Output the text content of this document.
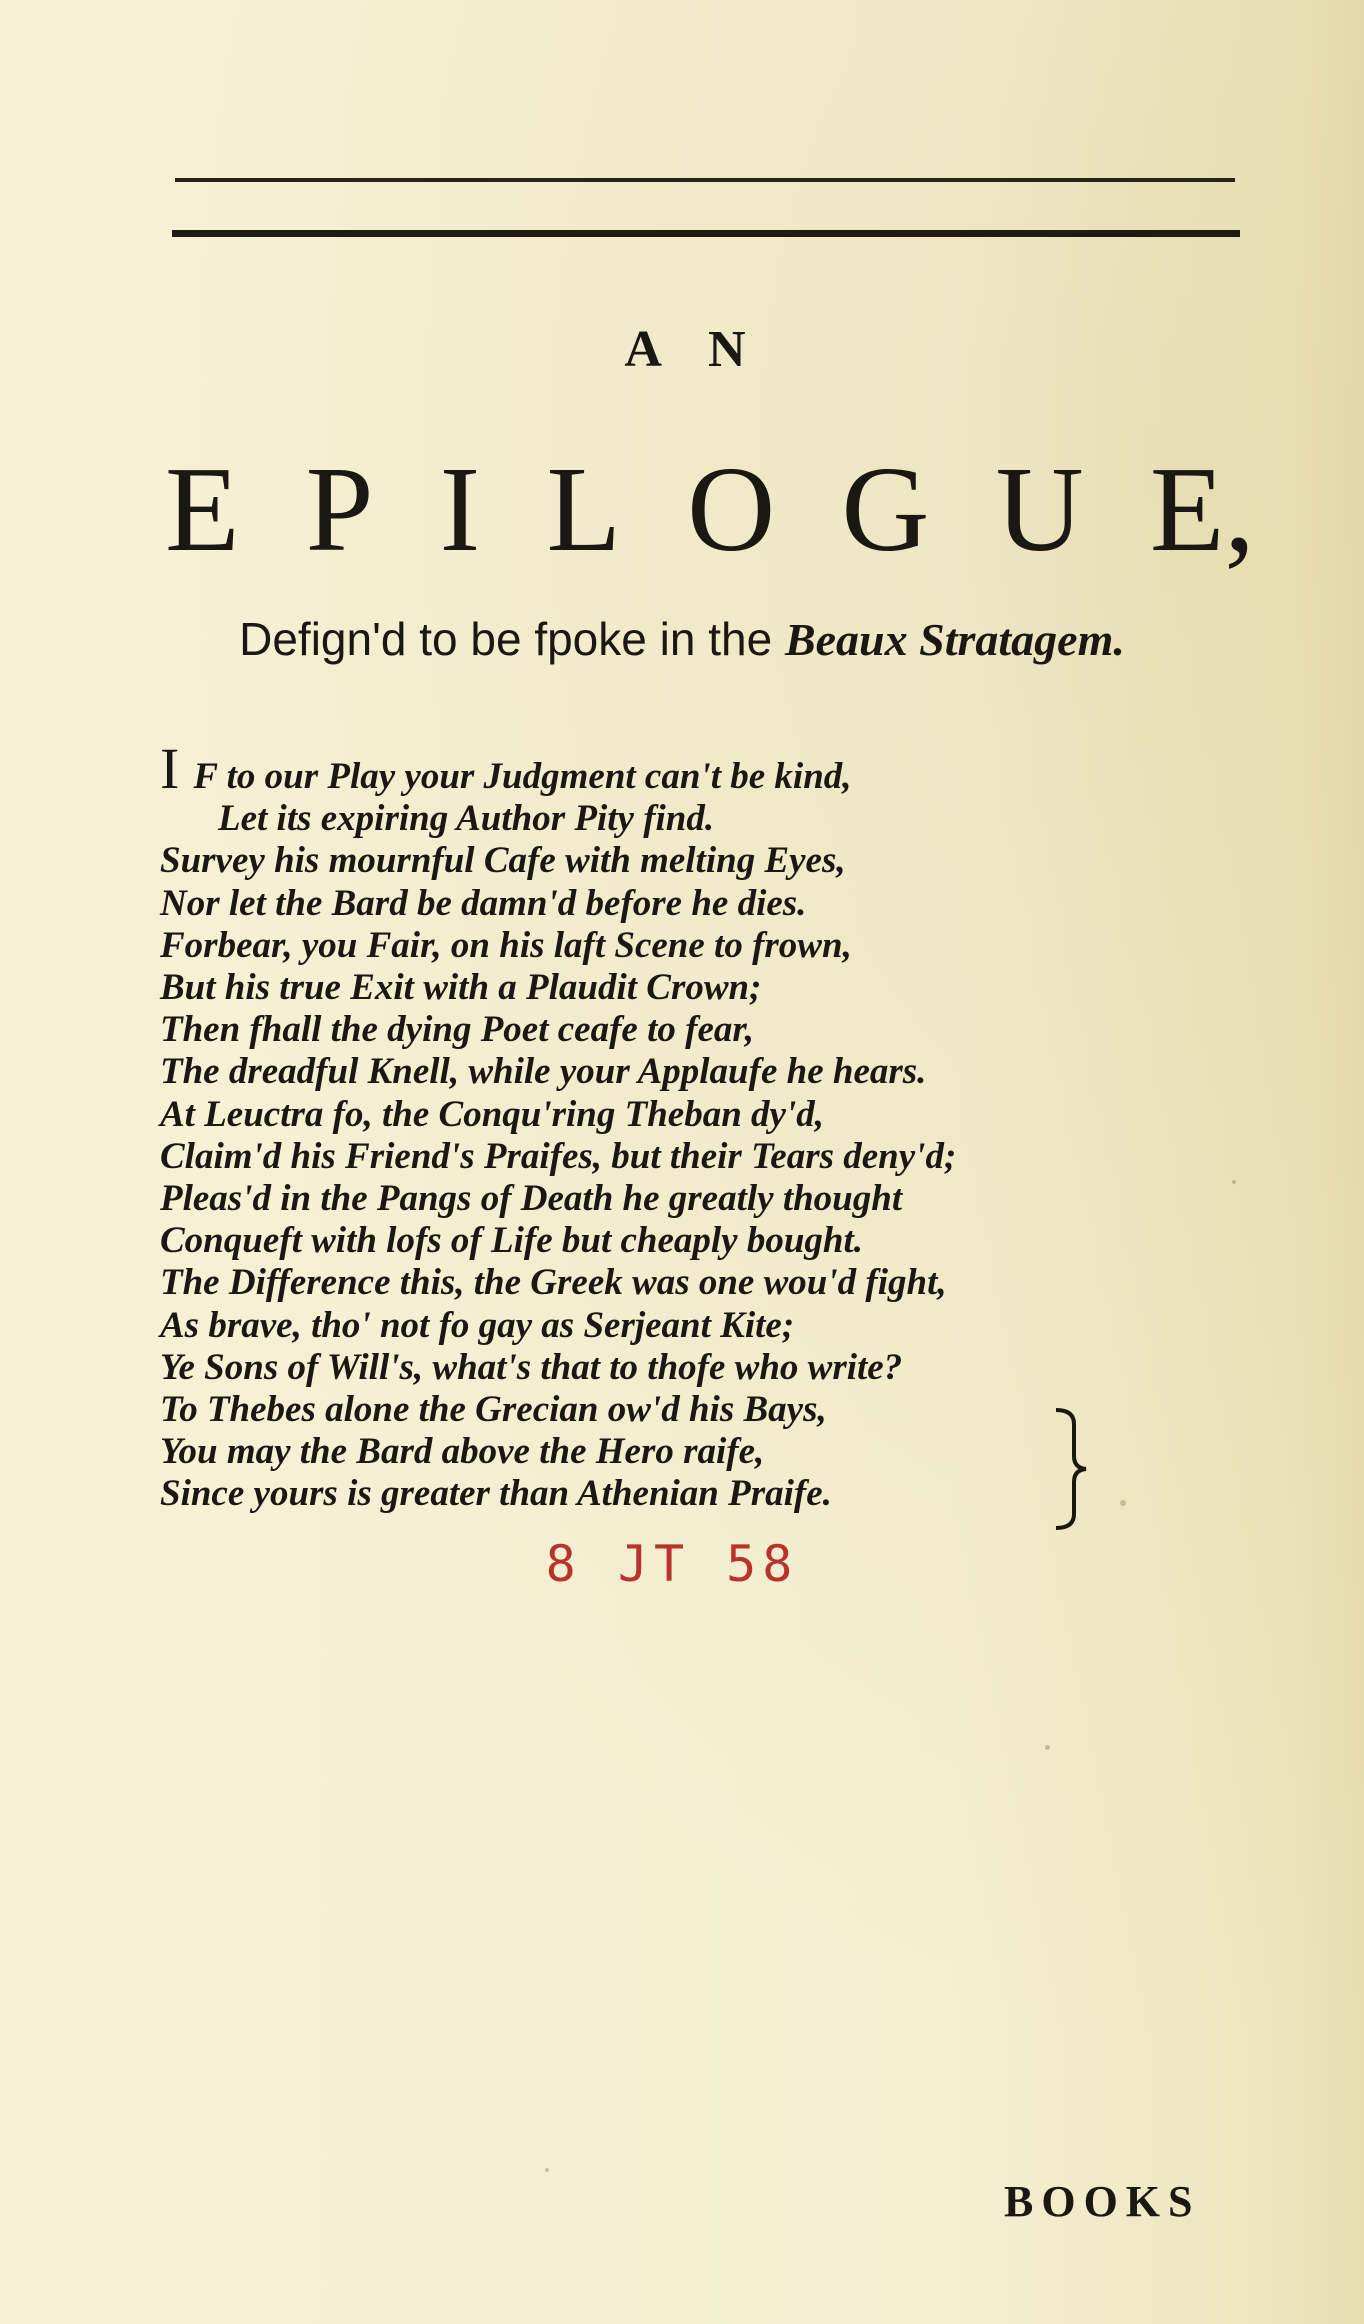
A N
E P I L O G U E,
Defign'd to be fpoke in the Beaux Stratagem.
I F to our Play your Judgment can't be kind,
Let its expiring Author Pity find.
Survey his mournful Cafe with melting Eyes,
Nor let the Bard be damn'd before he dies.
Forbear, you Fair, on his laft Scene to frown,
But his true Exit with a Plaudit Crown;
Then fhall the dying Poet ceafe to fear,
The dreadful Knell, while your Applaufe he hears.
At Leuctra fo, the Conqu'ring Theban dy'd,
Claim'd his Friend's Praifes, but their Tears deny'd;
Pleas'd in the Pangs of Death he greatly thought
Conqueft with lofs of Life but cheaply bought.
The Difference this, the Greek was one wou'd fight,
As brave, tho' not fo gay as Serjeant Kite;
Ye Sons of Will's, what's that to thofe who write?
To Thebes alone the Grecian ow'd his Bays,
You may the Bard above the Hero raife,
Since yours is greater than Athenian Praife.
8 JT 58
BOOKS
